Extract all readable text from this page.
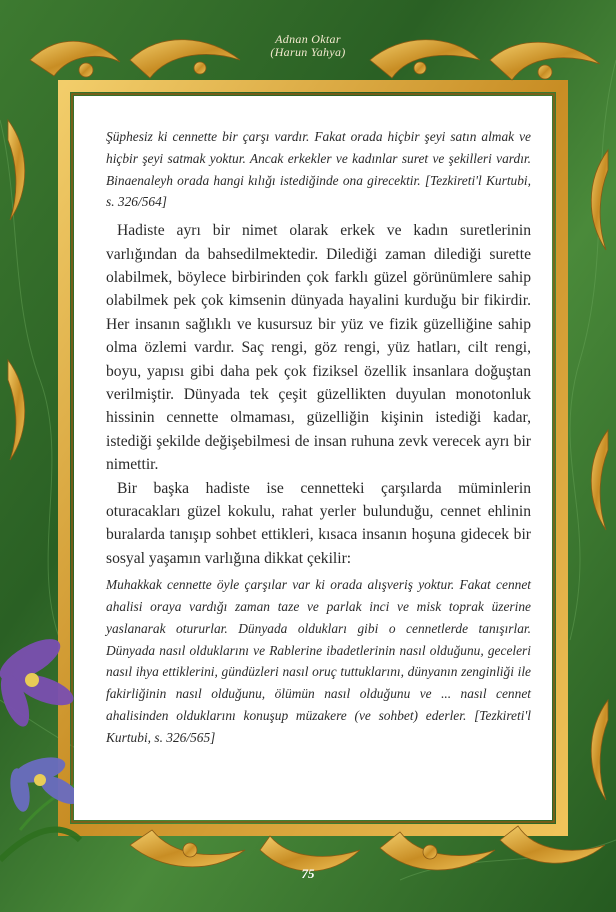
Adnan Oktar
(Harun Yahya)

Şüphesiz ki cennette bir çarşı vardır. Fakat orada hiçbir şeyi satın almak ve hiçbir şeyi satmak yoktur. Ancak erkekler ve kadınlar suret ve şekilleri vardır. Binaenaleyh orada hangi kılığı istediğinde ona girecektir. [Tezkireti'l Kurtubi, s. 326/564]

Hadiste ayrı bir nimet olarak erkek ve kadın suretlerinin varlığından da bahsedilmektedir. Dilediği zaman dilediği surette olabilmek, böylece birbirinden çok farklı güzel görünümlere sahip olabilmek pek çok kimsenin dünyada hayalini kurduğu bir fikirdir. Her insanın sağlıklı ve kusursuz bir yüz ve fizik güzelliğine sahip olma özlemi vardır. Saç rengi, göz rengi, yüz hatları, cilt rengi, boyu, yapısı gibi daha pek çok fiziksel özellik insanlara doğuştan verilmiştir. Dünyada tek çeşit güzellikten duyulan monotonluk hissinin cennette olmaması, güzelliğin kişinin istediği kadar, istediği şekilde değişebilmesi de insan ruhuna zevk verecek ayrı bir nimettir.

Bir başka hadiste ise cennetteki çarşılarda müminlerin oturacakları güzel kokulu, rahat yerler bulunduğu, cennet ehlinin buralarda tanışıp sohbet ettikleri, kısaca insanın hoşuna gidecek bir sosyal yaşamın varlığına dikkat çekilir:

Muhakkak cennette öyle çarşılar var ki orada alışveriş yoktur. Fakat cennet ahalisi oraya vardığı zaman taze ve parlak inci ve misk toprak üzerine yaslanarak otururlar. Dünyada oldukları gibi o cennetlerde tanışırlar. Dünyada nasıl olduklarını ve Rablerine ibadetlerinin nasıl olduğunu, geceleri nasıl ihya ettiklerini, gündüzleri nasıl oruç tuttuklarını, dünyanın zenginliği ile fakirliğinin nasıl olduğunu, ölümün nasıl olduğunu ve ... nasıl cennet ahalisinden olduklarını konuşup müzakere (ve sohbet) ederler. [Tezkireti'l Kurtubi, s. 326/565]

75
